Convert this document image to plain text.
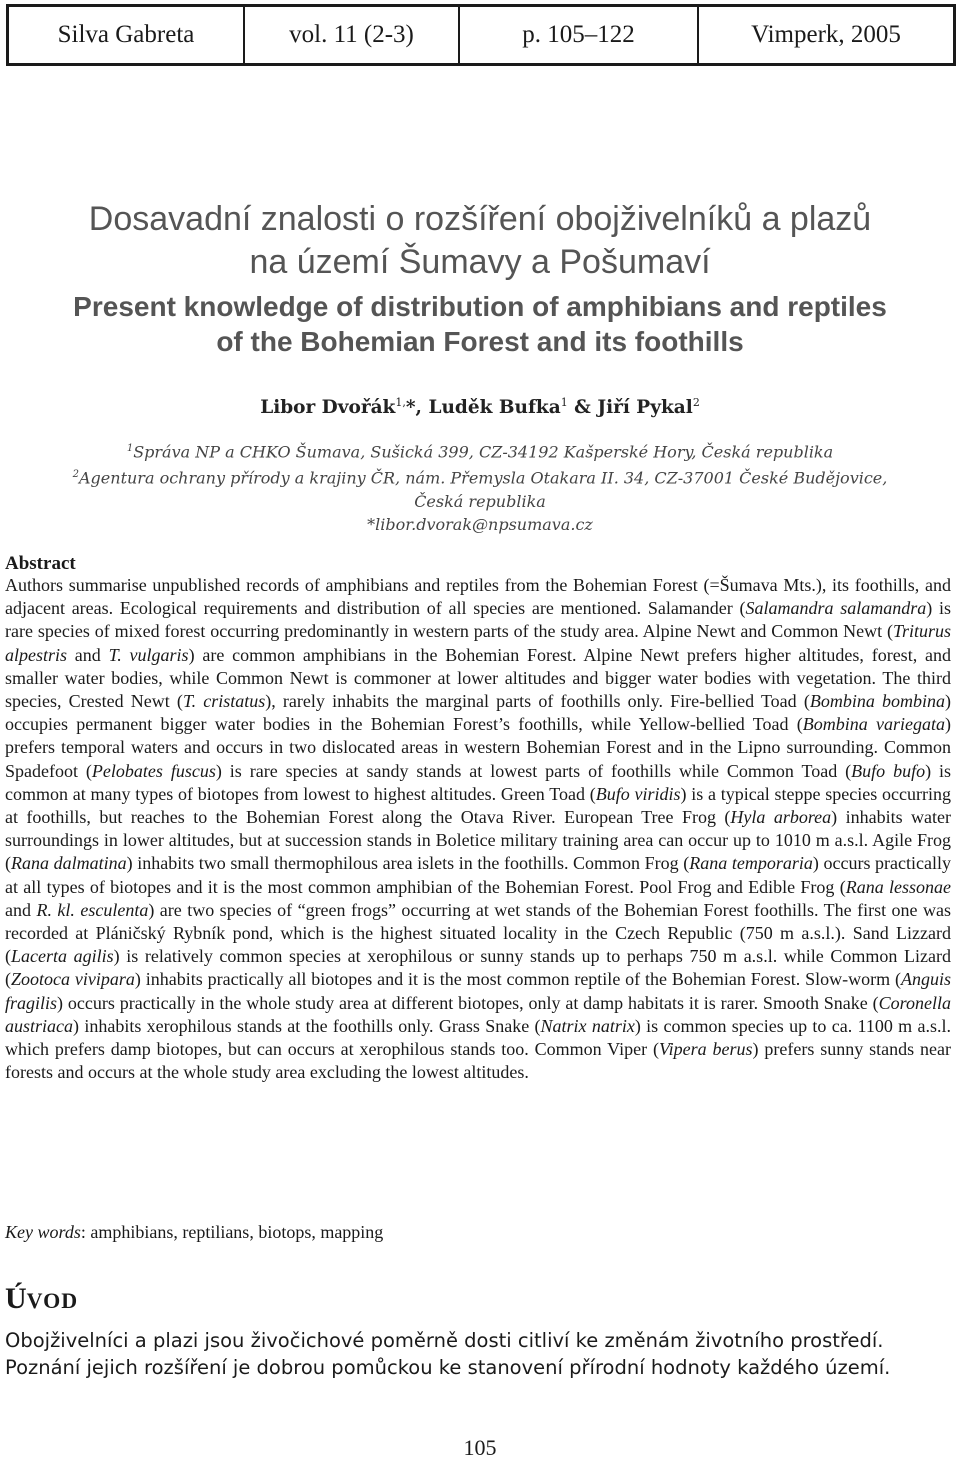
Silva Gabreta	vol. 11 (2-3)	p. 105–122	Vimperk, 2005
Dosavadní znalosti o rozšíření obojživelníků a plazů
na území Šumavy a Pošumaví
Present knowledge of distribution of amphibians and reptiles
of the Bohemian Forest and its foothills
Libor Dvořák$^{1,}$*, Luděk Bufka$^1$ & Jiří Pykal$^2$

$^1$Správa NP a CHKO Šumava, Sušická 399, CZ-34192 Kašperské Hory, Česká republika

$^2$Agentura ochrany přírody a krajiny ČR, nám. Přemysla Otakara II. 34, CZ-37001 České Budějovice,

Česká republika

*libor.dvorak@npsumava.cz

Abstract

Authors summarise unpublished records of amphibians and reptiles from the Bohemian Forest (=Šumava Mts.), its foothills, and adjacent areas. Ecological requirements and distribution of all species are mentioned. Salamander (Salamandra salamandra) is rare species of mixed forest occurring predominantly in western parts of the study area. Alpine Newt and Common Newt (Triturus alpestris and T. vulgaris) are common amphibians in the Bohemian Forest. Alpine Newt prefers higher altitudes, forest, and smaller water bodies, while Common Newt is commoner at lower altitudes and bigger water bodies with vegetation. The third species, Crested Newt (T. cristatus), rarely inhabits the marginal parts of foothills only. Fire-bellied Toad (Bombina bombina) occupies permanent bigger water bodies in the Bohemian Forest’s foothills, while Yellow-bellied Toad (Bombina variegata) prefers temporal waters and occurs in two dislocated areas in western Bohemian Forest and in the Lipno surrounding. Common Spadefoot (Pelobates fuscus) is rare species at sandy stands at lowest parts of foothills while Common Toad (Bufo bufo) is common at many types of biotopes from lowest to highest altitudes. Green Toad (Bufo viridis) is a typical steppe species occurring at foothills, but reaches to the Bohemian Forest along the Otava River. European Tree Frog (Hyla arborea) inhabits water surroundings in lower altitudes, but at succession stands in Boletice military training area can occur up to 1010 m a.s.l. Agile Frog (Rana dalmatina) inhabits two small thermophilous area islets in the foothills. Common Frog (Rana temporaria) occurs practically at all types of biotopes and it is the most common amphibian of the Bohemian Forest. Pool Frog and Edible Frog (Rana lessonae and R. kl. esculenta) are two species of “green frogs” occurring at wet stands of the Bohemian Forest foothills. The first one was recorded at Pláničský Rybník pond, which is the highest situated locality in the Czech Republic (750 m a.s.l.). Sand Lizzard (Lacerta agilis) is relatively common species at xerophilous or sunny stands up to perhaps 750 m a.s.l. while Common Lizard (Zootoca vivipara) inhabits practically all biotopes and it is the most common reptile of the Bohemian Forest. Slow-worm (Anguis fragilis) occurs practically in the whole study area at different biotopes, only at damp habitats it is rarer. Smooth Snake (Coronella austriaca) inhabits xerophilous stands at the foothills only. Grass Snake (Natrix natrix) is common species up to ca. 1100 m a.s.l. which prefers damp biotopes, but can occurs at xerophilous stands too. Common Viper (Vipera berus) prefers sunny stands near forests and occurs at the whole study area excluding the lowest altitudes.

Key words: amphibians, reptilians, biotops, mapping
ÚVOD

Obojživelníci a plazi jsou živočichové poměrně dosti citliví ke změnám životního prostředí.

Poznání jejich rozšíření je dobrou pomůckou ke stanovení přírodní hodnoty každého území.

105
